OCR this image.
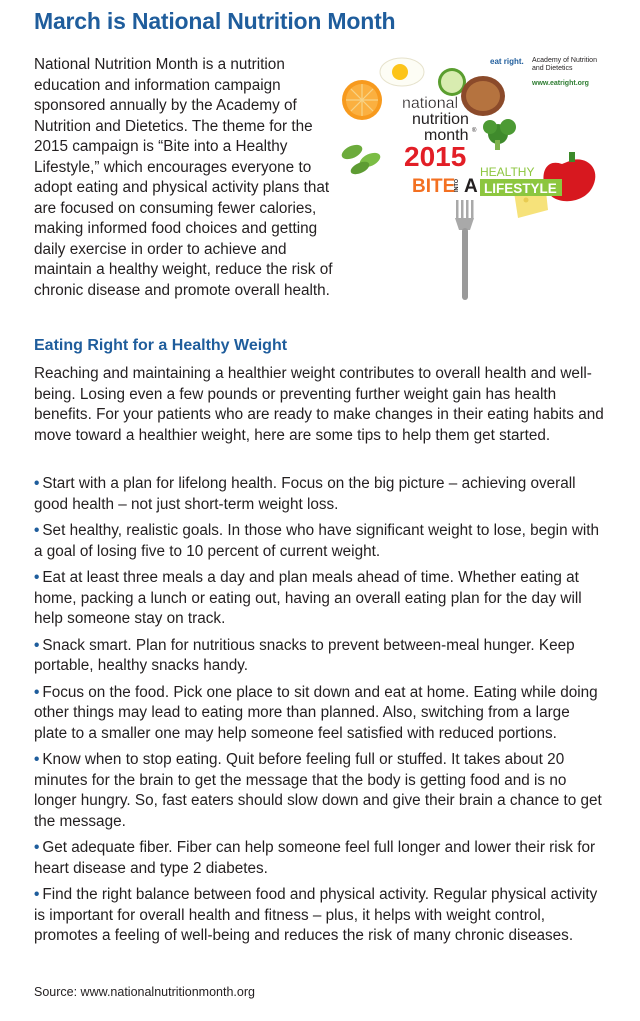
March is National Nutrition Month

National Nutrition Month is a nutrition education and information campaign sponsored annually by the Academy of Nutrition and Dietetics. The theme for the 2015 campaign is “Bite into a Healthy Lifestyle,” which encourages everyone to adopt eating and physical activity plans that are focused on consuming fewer calories, making informed food choices and getting daily exercise in order to achieve and maintain a healthy weight, reduce the risk of chronic disease and promote overall health.

eat right. Academy of Nutrition
and Dietetics
www.eatright.org
national
nutrition
month ®
2015
BITE
INTO A
HEALTHY
LIFESTYLE
Eating Right for a Healthy Weight

Reaching and maintaining a healthier weight contributes to overall health and well-being. Losing even a few pounds or preventing further weight gain has health benefits. For your patients who are ready to make changes in their eating habits and move toward a healthier weight, here are some tips to help them get started.

• Start with a plan for lifelong health. Focus on the big picture – achieving overall good health – not just short-term weight loss.
• Set healthy, realistic goals. In those who have significant weight to lose, begin with a goal of losing five to 10 percent of current weight.
• Eat at least three meals a day and plan meals ahead of time. Whether eating at home, packing a lunch or eating out, having an overall eating plan for the day will help someone stay on track.
• Snack smart. Plan for nutritious snacks to prevent between-meal hunger. Keep portable, healthy snacks handy.
• Focus on the food. Pick one place to sit down and eat at home. Eating while doing other things may lead to eating more than planned. Also, switching from a large plate to a smaller one may help someone feel satisfied with reduced portions.
• Know when to stop eating. Quit before feeling full or stuffed. It takes about 20 minutes for the brain to get the message that the body is getting food and is no longer hungry. So, fast eaters should slow down and give their brain a chance to get the message.
• Get adequate fiber. Fiber can help someone feel full longer and lower their risk for heart disease and type 2 diabetes.
• Find the right balance between food and physical activity. Regular physical activity is important for overall health and fitness – plus, it helps with weight control, promotes a feeling of well-being and reduces the risk of many chronic diseases.

Source: www.nationalnutritionmonth.org
